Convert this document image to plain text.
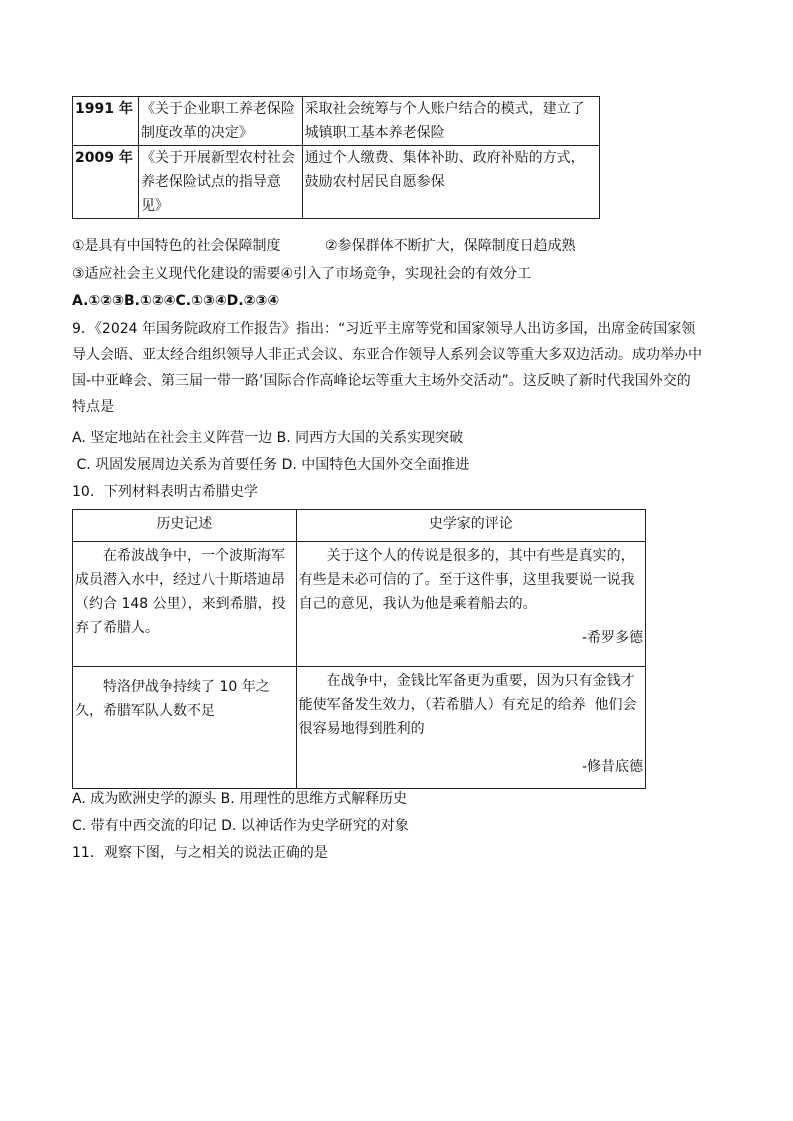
1991 年	《关于企业职工养老保险制度改革的决定》	采取社会统筹与个人账户结合的模式，建立了城镇职工基本养老保险
2009 年	《关于开展新型农村社会养老保险试点的指导意见》	通过个人缴费、集体补助、政府补贴的方式，鼓励农村居民自愿参保
①是具有中国特色的社会保障制度          ②参保群体不断扩大，保障制度日趋成熟
③适应社会主义现代化建设的需要④引入了市场竞争，实现社会的有效分工
A.①②③B.①②④C.①③④D.②③④
9．《2024 年国务院政府工作报告》指出：“习近平主席等党和国家领导人出访多国，出席金砖国家领导人会晤、亚太经合组织领导人非正式会议、东亚合作领导人系列会议等重大多双边活动。成功举办中国-中亚峰会、第三届一带一路’国际合作高峰论坛等重大主场外交活动”。这反映了新时代我国外交的特点是
A. 坚定地站在社会主义阵营一边 B. 同西方大国的关系实现突破
C. 巩固发展周边关系为首要任务 D. 中国特色大国外交全面推进
10．下列材料表明古希腊史学
历史记述	史学家的评论
在希波战争中，一个波斯海军成员潜入水中，经过八十斯塔迪昂（约合 148 公里），来到希腊，投弃了希腊人。	关于这个人的传说是很多的，其中有些是真实的，有些是未必可信的了。至于这件事，这里我要说一说我自己的意见，我认为他是乘着船去的。
-希罗多德

特洛伊战争持续了 10 年之久，希腊军队人数不足	在战争中，金钱比军备更为重要，因为只有金钱才能使军备发生效力，（若希腊人）有充足的给养  他们会很容易地得到胜利的
-修昔底德
A. 成为欧洲史学的源头 B. 用理性的思维方式解释历史
C. 带有中西交流的印记 D. 以神话作为史学研究的对象
11．观察下图，与之相关的说法正确的是
